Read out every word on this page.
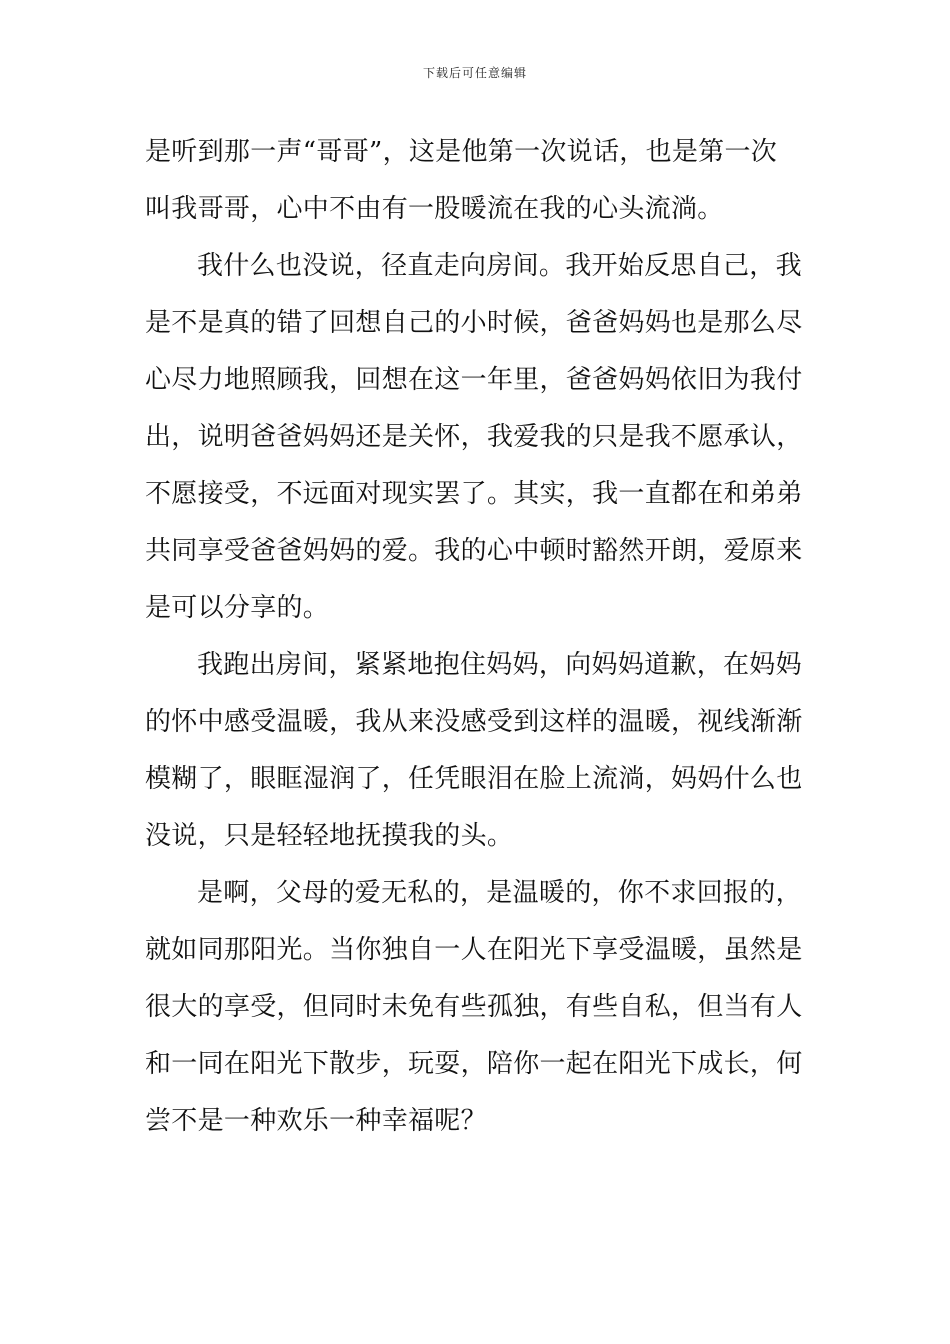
下载后可任意编辑
是听到那一声“哥哥”，这是他第一次说话，也是第一次
叫我哥哥，心中不由有一股暖流在我的心头流淌。
我什么也没说，径直走向房间。我开始反思自己，我
是不是真的错了回想自己的小时候，爸爸妈妈也是那么尽
心尽力地照顾我，回想在这一年里，爸爸妈妈依旧为我付
出，说明爸爸妈妈还是关怀，我爱我的只是我不愿承认，
不愿接受，不远面对现实罢了。其实，我一直都在和弟弟
共同享受爸爸妈妈的爱。我的心中顿时豁然开朗，爱原来
是可以分享的。
我跑出房间，紧紧地抱住妈妈，向妈妈道歉，在妈妈
的怀中感受温暖，我从来没感受到这样的温暖，视线渐渐
模糊了，眼眶湿润了，任凭眼泪在脸上流淌，妈妈什么也
没说，只是轻轻地抚摸我的头。
是啊，父母的爱无私的，是温暖的，你不求回报的，
就如同那阳光。当你独自一人在阳光下享受温暖，虽然是
很大的享受，但同时未免有些孤独，有些自私，但当有人
和一同在阳光下散步，玩耍，陪你一起在阳光下成长，何
尝不是一种欢乐一种幸福呢？
